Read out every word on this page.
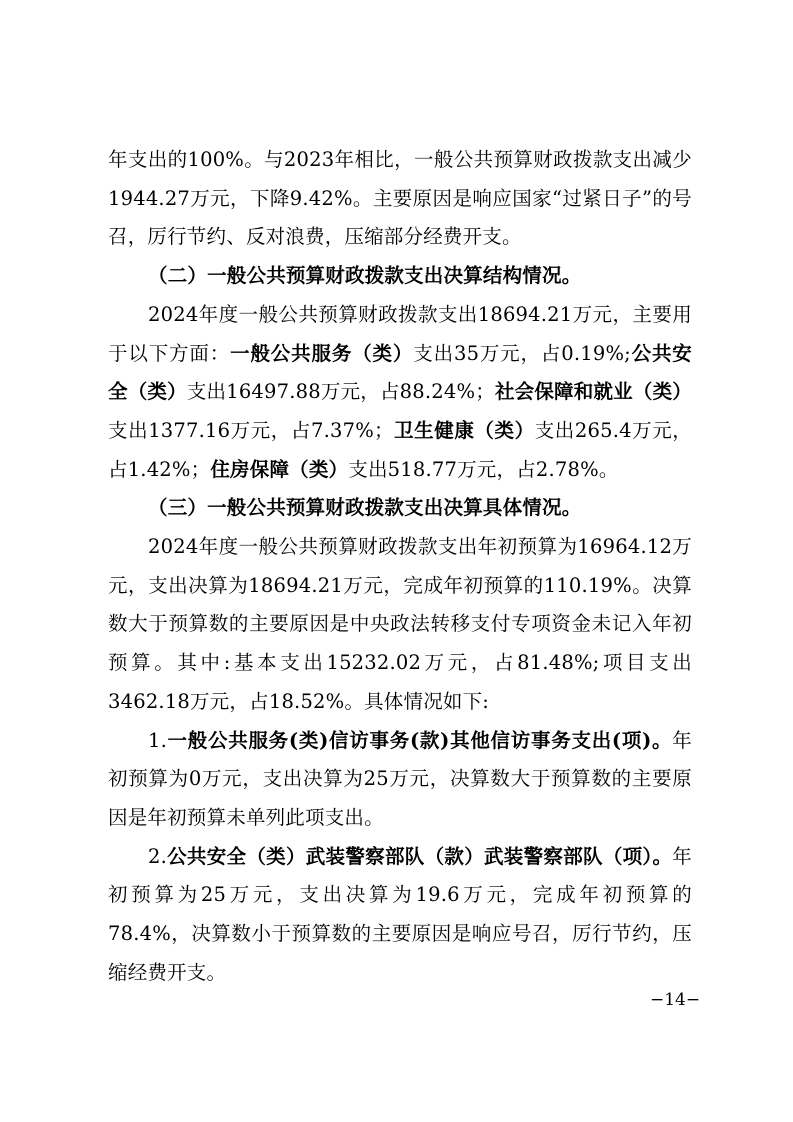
年支出的100%。与2023年相比，一般公共预算财政拨款支出减少1944.27万元，下降9.42%。主要原因是响应国家“过紧日子”的号召，厉行节约、反对浪费，压缩部分经费开支。

（二）一般公共预算财政拨款支出决算结构情况。

2024年度一般公共预算财政拨款支出18694.21万元，主要用于以下方面：一般公共服务（类）支出35万元，占0.19%;公共安全（类）支出16497.88万元，占88.24%；社会保障和就业（类）支出1377.16万元，占7.37%；卫生健康（类）支出265.4万元，占1.42%；住房保障（类）支出518.77万元，占2.78%。

（三）一般公共预算财政拨款支出决算具体情况。

2024年度一般公共预算财政拨款支出年初预算为16964.12万元，支出决算为18694.21万元，完成年初预算的110.19%。决算数大于预算数的主要原因是中央政法转移支付专项资金未记入年初预算。其中:基本支出15232.02万元，占81.48%;项目支出3462.18万元，占18.52%。具体情况如下:

1.一般公共服务(类)信访事务(款)其他信访事务支出(项)。年初预算为0万元，支出决算为25万元，决算数大于预算数的主要原因是年初预算未单列此项支出。

2.公共安全（类）武装警察部队（款）武装警察部队（项）。年初预算为25万元，支出决算为19.6万元，完成年初预算的78.4%，决算数小于预算数的主要原因是响应号召，厉行节约，压缩经费开支。

−14−
